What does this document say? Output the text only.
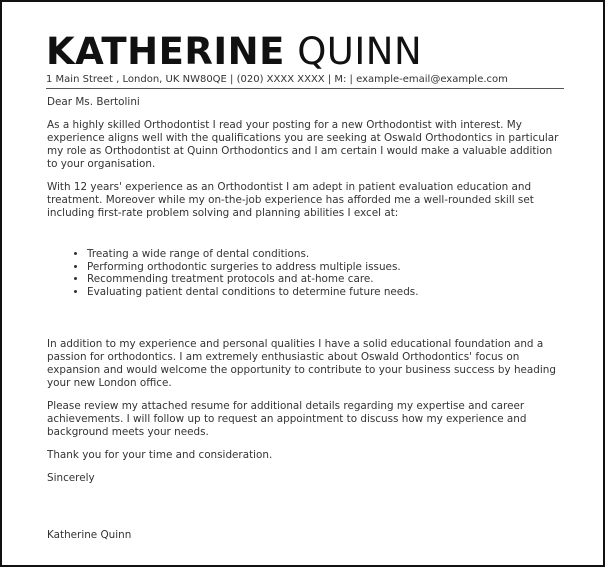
KATHERINE QUINN
1 Main Street , London, UK NW80QE | (020) XXXX XXXX | M: | example-email@example.com

Dear Ms. Bertolini

As a highly skilled Orthodontist I read your posting for a new Orthodontist with interest. My experience aligns well with the qualifications you are seeking at Oswald Orthodontics in particular my role as Orthodontist at Quinn Orthodontics and I am certain I would make a valuable addition to your organisation.

With 12 years' experience as an Orthodontist I am adept in patient evaluation education and treatment. Moreover while my on-the-job experience has afforded me a well-rounded skill set including first-rate problem solving and planning abilities I excel at:

• Treating a wide range of dental conditions.
• Performing orthodontic surgeries to address multiple issues.
• Recommending treatment protocols and at-home care.
• Evaluating patient dental conditions to determine future needs.

In addition to my experience and personal qualities I have a solid educational foundation and a passion for orthodontics. I am extremely enthusiastic about Oswald Orthodontics' focus on expansion and would welcome the opportunity to contribute to your business success by heading your new London office.

Please review my attached resume for additional details regarding my expertise and career achievements. I will follow up to request an appointment to discuss how my experience and background meets your needs.

Thank you for your time and consideration.

Sincerely

Katherine Quinn
